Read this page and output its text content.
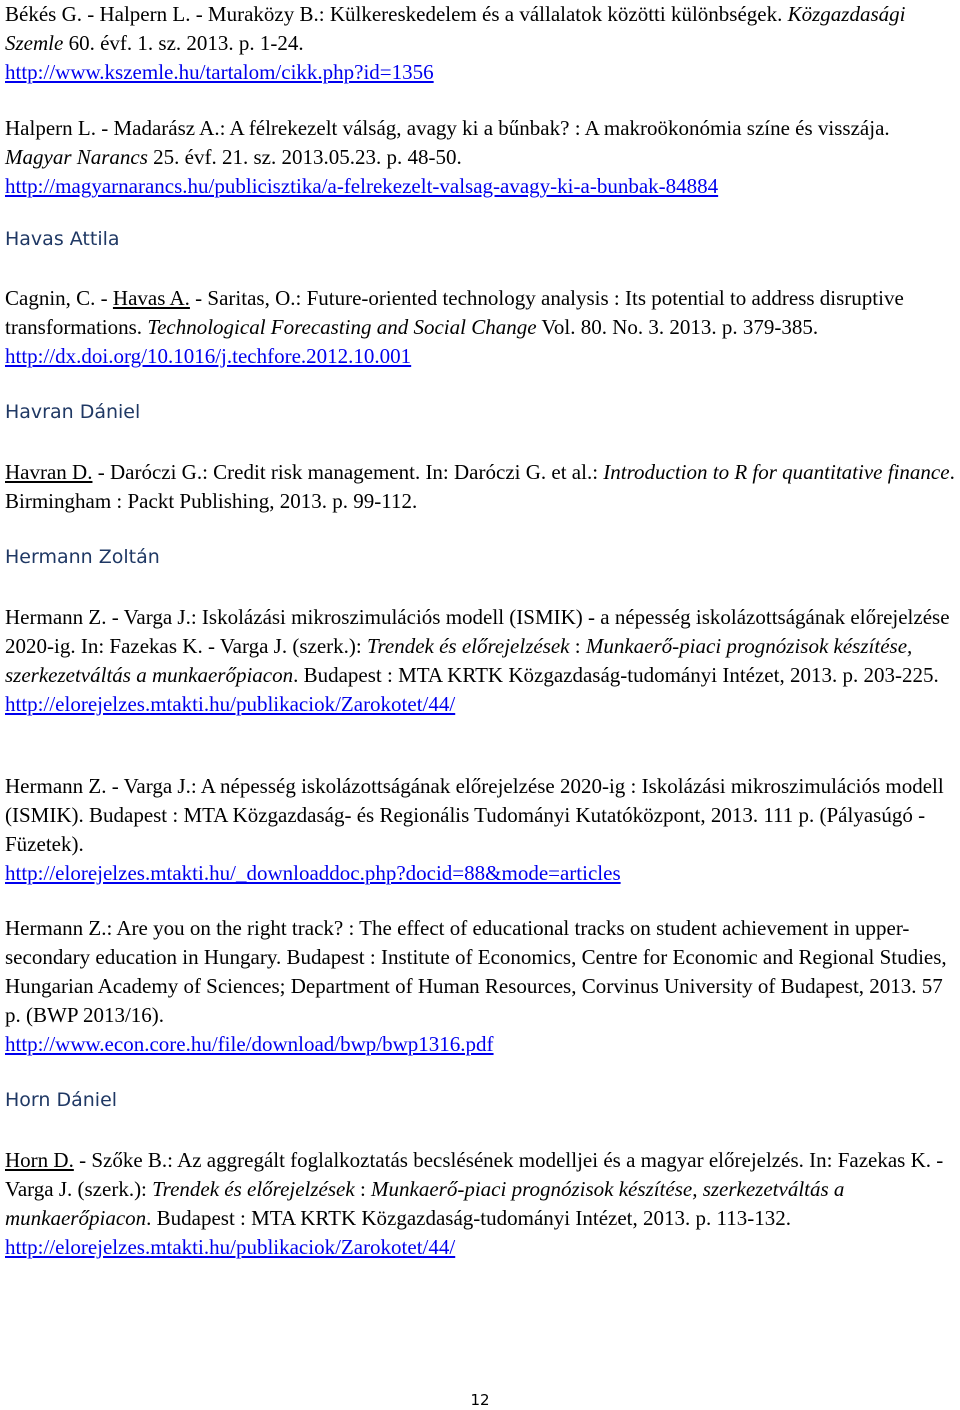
Békés G. - Halpern L. - Muraközy B.: Külkereskedelem és a vállalatok közötti különbségek. Közgazdasági Szemle 60. évf. 1. sz. 2013. p. 1-24.
http://www.kszemle.hu/tartalom/cikk.php?id=1356

Halpern L. - Madarász A.: A félrekezelt válság, avagy ki a bűnbak? : A makroökonómia színe és visszája. Magyar Narancs 25. évf. 21. sz. 2013.05.23. p. 48-50.
http://magyarnarancs.hu/publicisztika/a-felrekezelt-valsag-avagy-ki-a-bunbak-84884

Havas Attila

Cagnin, C. - Havas A. - Saritas, O.: Future-oriented technology analysis : Its potential to address disruptive transformations. Technological Forecasting and Social Change Vol. 80. No. 3. 2013. p. 379-385. http://dx.doi.org/10.1016/j.techfore.2012.10.001

Havran Dániel

Havran D. - Daróczi G.: Credit risk management. In: Daróczi G. et al.: Introduction to R for quantitative finance. Birmingham : Packt Publishing, 2013. p. 99-112.

Hermann Zoltán

Hermann Z. - Varga J.: Iskolázási mikroszimulációs modell (ISMIK) - a népesség iskolázottságának előrejelzése 2020-ig. In: Fazekas K. - Varga J. (szerk.): Trendek és előrejelzések : Munkaerő-piaci prognózisok készítése, szerkezetváltás a munkaerőpiacon. Budapest : MTA KRTK Közgazdaság-tudományi Intézet, 2013. p. 203-225.
http://elorejelzes.mtakti.hu/publikaciok/Zarokotet/44/

Hermann Z. - Varga J.: A népesség iskolázottságának előrejelzése 2020-ig : Iskolázási mikroszimulációs modell (ISMIK). Budapest : MTA Közgazdaság- és Regionális Tudományi Kutatóközpont, 2013. 111 p. (Pályasúgó - Füzetek).
http://elorejelzes.mtakti.hu/_downloaddoc.php?docid=88&mode=articles

Hermann Z.: Are you on the right track? : The effect of educational tracks on student achievement in upper-secondary education in Hungary. Budapest : Institute of Economics, Centre for Economic and Regional Studies, Hungarian Academy of Sciences; Department of Human Resources, Corvinus University of Budapest, 2013. 57 p. (BWP 2013/16).
http://www.econ.core.hu/file/download/bwp/bwp1316.pdf

Horn Dániel

Horn D. - Szőke B.: Az aggregált foglalkoztatás becslésének modelljei és a magyar előrejelzés. In: Fazekas K. - Varga J. (szerk.): Trendek és előrejelzések : Munkaerő-piaci prognózisok készítése, szerkezetváltás a munkaerőpiacon. Budapest : MTA KRTK Közgazdaság-tudományi Intézet, 2013. p. 113-132.
http://elorejelzes.mtakti.hu/publikaciok/Zarokotet/44/

12
